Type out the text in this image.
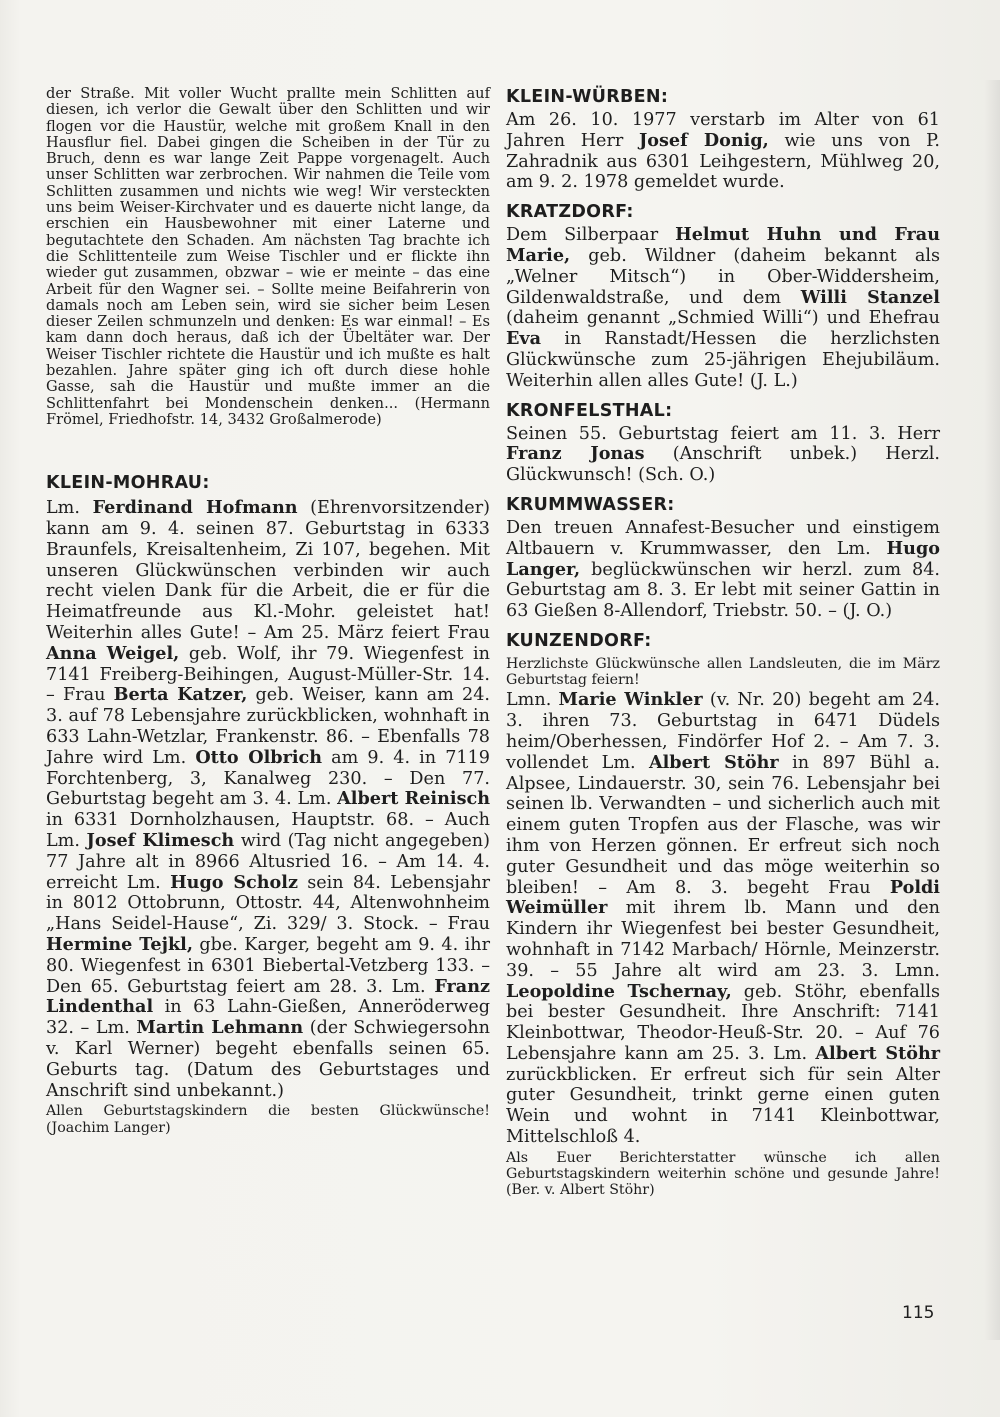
der Straße. Mit voller Wucht prallte mein Schlitten auf diesen, ich verlor die Gewalt über den Schlitten und wir flogen vor die Haustür, welche mit großem Knall in den Hausflur fiel. Dabei gingen die Scheiben in der Tür zu Bruch, denn es war lange Zeit Pappe vorgenagelt. Auch unser Schlitten war zerbrochen. Wir nahmen die Teile vom Schlitten zusammen und nichts wie weg! Wir versteckten uns beim Weiser-Kirchvater und es dauerte nicht lange, da erschien ein Hausbewohner mit einer Laterne und begutachtete den Schaden. Am nächsten Tag brachte ich die Schlittenteile zum Weise Tischler und er flickte ihn wieder gut zusammen, obzwar – wie er meinte – das eine Arbeit für den Wagner sei. – Sollte meine Beifahrerin von damals noch am Leben sein, wird sie sicher beim Lesen dieser Zeilen schmunzeln und denken: Es war einmal! – Es kam dann doch heraus, daß ich der Übeltäter war. Der Weiser Tischler richtete die Haustür und ich mußte es halt bezahlen. Jahre später ging ich oft durch diese hohle Gasse, sah die Haustür und mußte immer an die Schlittenfahrt bei Mondenschein denken... (Hermann Frömel, Friedhofstr. 14, 3432 Großalmerode)

KLEIN-MOHRAU:

Lm. Ferdinand Hofmann (Ehrenvorsitzender) kann am 9. 4. seinen 87. Geburtstag in 6333 Braunfels, Kreisaltenheim, Zi 107, begehen. Mit unseren Glückwünschen verbinden wir auch recht vielen Dank für die Arbeit, die er für die Heimatfreunde aus Kl.-Mohr. geleistet hat! Weiterhin alles Gute! – Am 25. März feiert Frau Anna Weigel, geb. Wolf, ihr 79. Wiegenfest in 7141 Freiberg-Beihingen, August-Müller-Str. 14. – Frau Berta Katzer, geb. Weiser, kann am 24. 3. auf 78 Lebensjahre zurückblicken, wohnhaft in 633 Lahn-Wetzlar, Frankenstr. 86. – Ebenfalls 78 Jahre wird Lm. Otto Olbrich am 9. 4. in 7119 Forchtenberg, 3, Kanalweg 230. – Den 77. Geburtstag begeht am 3. 4. Lm. Albert Reinisch in 6331 Dornholzhausen, Hauptstr. 68. – Auch Lm. Josef Klimesch wird (Tag nicht angegeben) 77 Jahre alt in 8966 Altusried 16. – Am 14. 4. erreicht Lm. Hugo Scholz sein 84. Lebensjahr in 8012 Ottobrunn, Ottostr. 44, Altenwohnheim „Hans Seidel-Hause“, Zi. 329/ 3. Stock. – Frau Hermine Tejkl, gbe. Karger, begeht am 9. 4. ihr 80. Wiegenfest in 6301 Biebertal-Vetzberg 133. – Den 65. Geburtstag feiert am 28. 3. Lm. Franz Lindenthal in 63 Lahn-Gießen, Anneröderweg 32. – Lm. Martin Lehmann (der Schwiegersohn v. Karl Werner) begeht ebenfalls seinen 65. Geburts tag. (Datum des Geburtstages und Anschrift sind unbekannt.)

Allen Geburtstagskindern die besten Glückwünsche! (Joachim Langer)

KLEIN-WÜRBEN:

Am 26. 10. 1977 verstarb im Alter von 61 Jahren Herr Josef Donig, wie uns von P. Zahradnik aus 6301 Leihgestern, Mühlweg 20, am 9. 2. 1978 gemeldet wurde.

KRATZDORF:

Dem Silberpaar Helmut Huhn und Frau Marie, geb. Wildner (daheim bekannt als „Welner Mitsch“) in Ober-Widdersheim, Gildenwaldstraße, und dem Willi Stanzel (daheim genannt „Schmied Willi“) und Ehefrau Eva in Ranstadt/Hessen die herzlichsten Glückwünsche zum 25-jährigen Ehejubiläum. Weiterhin allen alles Gute! (J. L.)

KRONFELSTHAL:

Seinen 55. Geburtstag feiert am 11. 3. Herr Franz Jonas (Anschrift unbek.) Herzl. Glückwunsch! (Sch. O.)

KRUMMWASSER:

Den treuen Annafest-Besucher und einstigem Altbauern v. Krummwasser, den Lm. Hugo Langer, beglückwünschen wir herzl. zum 84. Geburtstag am 8. 3. Er lebt mit seiner Gattin in 63 Gießen 8-Allendorf, Triebstr. 50. – (J. O.)

KUNZENDORF:

Herzlichste Glückwünsche allen Landsleuten, die im März Geburtstag feiern!

Lmn. Marie Winkler (v. Nr. 20) begeht am 24. 3. ihren 73. Geburtstag in 6471 Düdels heim/Oberhessen, Findörfer Hof 2. – Am 7. 3. vollendet Lm. Albert Stöhr in 897 Bühl a. Alpsee, Lindauerstr. 30, sein 76. Lebensjahr bei seinen lb. Verwandten – und sicherlich auch mit einem guten Tropfen aus der Flasche, was wir ihm von Herzen gönnen. Er erfreut sich noch guter Gesundheit und das möge weiterhin so bleiben! – Am 8. 3. begeht Frau Poldi Weimüller mit ihrem lb. Mann und den Kindern ihr Wiegenfest bei bester Gesundheit, wohnhaft in 7142 Marbach/ Hörnle, Meinzerstr. 39. – 55 Jahre alt wird am 23. 3. Lmn. Leopoldine Tschernay, geb. Stöhr, ebenfalls bei bester Gesundheit. Ihre Anschrift: 7141 Kleinbottwar, Theodor-Heuß-Str. 20. – Auf 76 Lebensjahre kann am 25. 3. Lm. Albert Stöhr zurückblicken. Er erfreut sich für sein Alter guter Gesundheit, trinkt gerne einen guten Wein und wohnt in 7141 Kleinbottwar, Mittelschloß 4.

Als Euer Berichterstatter wünsche ich allen Geburtstagskindern weiterhin schöne und gesunde Jahre! (Ber. v. Albert Stöhr)

115
